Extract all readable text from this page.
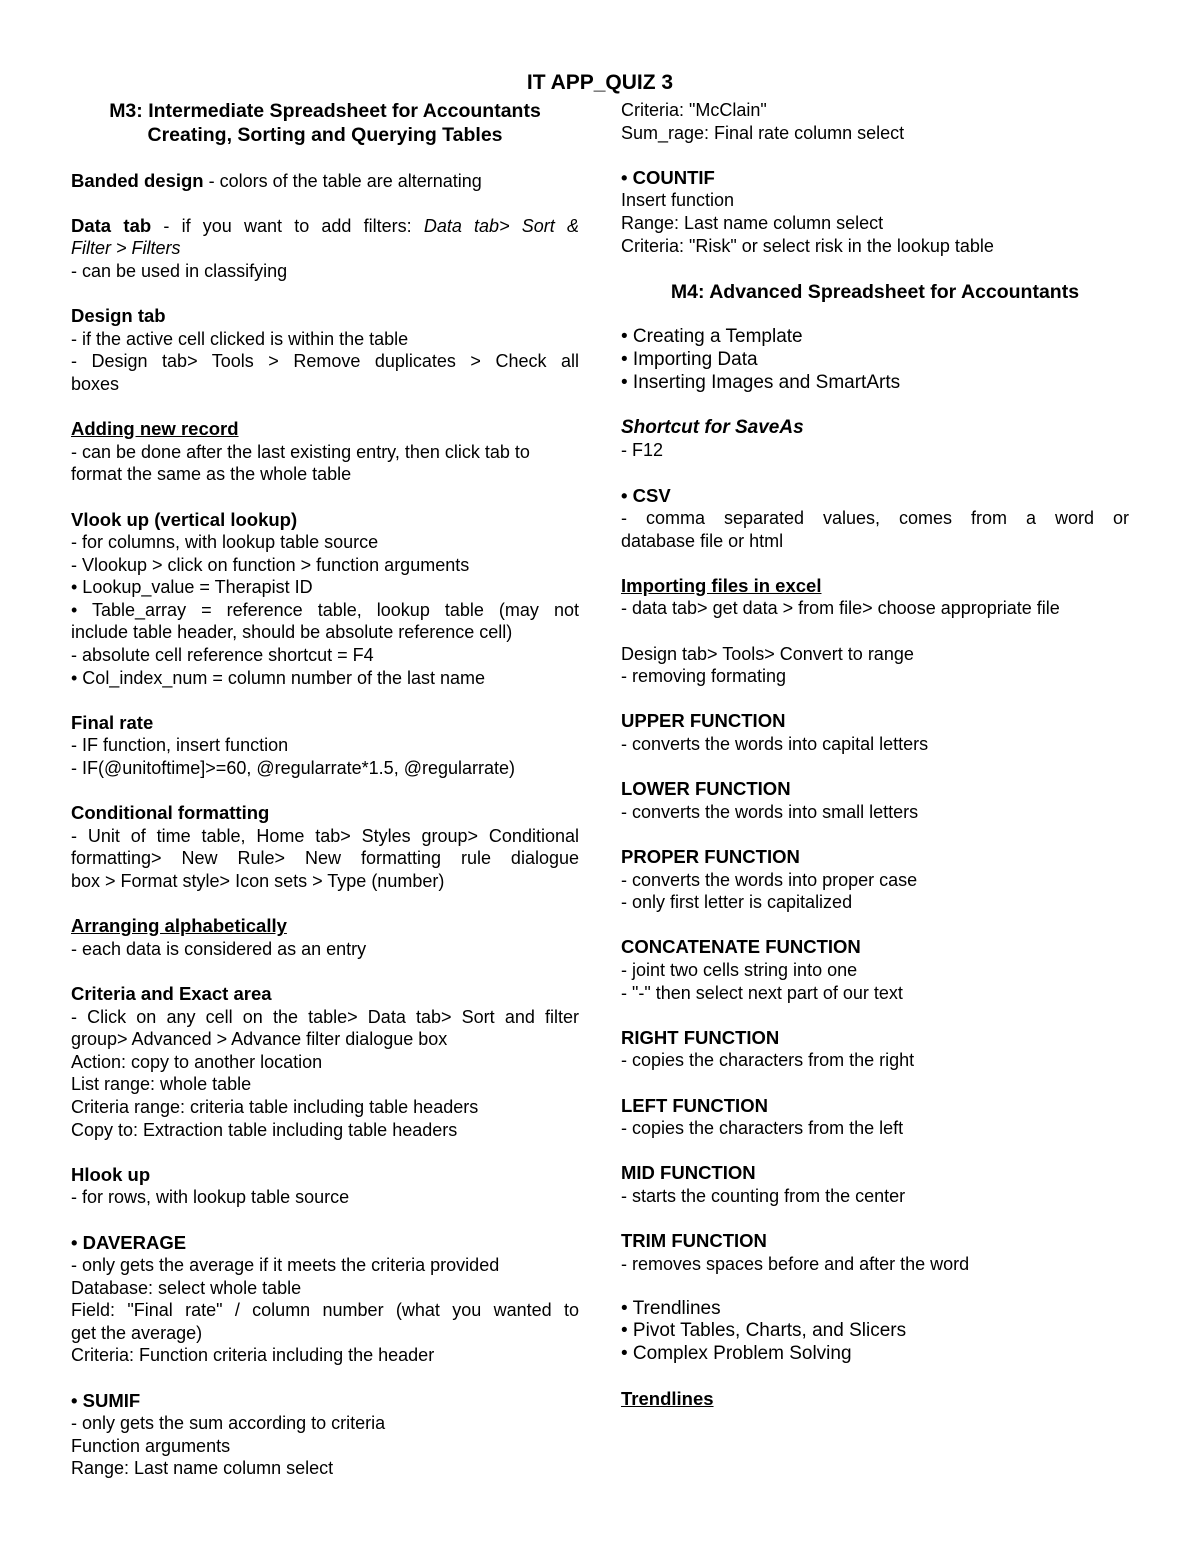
IT APP_QUIZ 3
M3: Intermediate Spreadsheet for Accountants
Creating, Sorting and Querying Tables
Banded design - colors of the table are alternating
Data tab - if you want to add filters: Data tab> Sort &
Filter > Filters
- can be used in classifying
Design tab
- if the active cell clicked is within the table
- Design tab> Tools > Remove duplicates > Check all
boxes
Adding new record
- can be done after the last existing entry, then click tab to
format the same as the whole table
Vlook up (vertical lookup)
- for columns, with lookup table source
- Vlookup > click on function > function arguments
• Lookup_value = Therapist ID
• Table_array = reference table, lookup table (may not
include table header, should be absolute reference cell)
- absolute cell reference shortcut = F4
• Col_index_num = column number of the last name
Final rate
- IF function, insert function
- IF(@unitoftime]>=60, @regularrate*1.5, @regularrate)
Conditional formatting
- Unit of time table, Home tab> Styles group> Conditional
formatting> New Rule> New formatting rule dialogue
box > Format style> Icon sets > Type (number)
Arranging alphabetically
- each data is considered as an entry
Criteria and Exact area
- Click on any cell on the table> Data tab> Sort and filter
group> Advanced > Advance filter dialogue box
Action: copy to another location
List range: whole table
Criteria range: criteria table including table headers
Copy to: Extraction table including table headers
Hlook up
- for rows, with lookup table source
• DAVERAGE
- only gets the average if it meets the criteria provided
Database: select whole table
Field: "Final rate" / column number (what you wanted to
get the average)
Criteria: Function criteria including the header
• SUMIF
- only gets the sum according to criteria
Function arguments
Range: Last name column select
Criteria: "McClain"
Sum_rage: Final rate column select
• COUNTIF
Insert function
Range: Last name column select
Criteria: "Risk" or select risk in the lookup table
M4: Advanced Spreadsheet for Accountants
• Creating a Template
• Importing Data
• Inserting Images and SmartArts
Shortcut for SaveAs
- F12
• CSV
- comma separated values, comes from a word or
database file or html
Importing files in excel
- data tab> get data > from file> choose appropriate file
Design tab> Tools> Convert to range
- removing formating
UPPER FUNCTION
- converts the words into capital letters
LOWER FUNCTION
- converts the words into small letters
PROPER FUNCTION
- converts the words into proper case
- only first letter is capitalized
CONCATENATE FUNCTION
- joint two cells string into one
- "-" then select next part of our text
RIGHT FUNCTION
- copies the characters from the right
LEFT FUNCTION
- copies the characters from the left
MID FUNCTION
- starts the counting from the center
TRIM FUNCTION
- removes spaces before and after the word
• Trendlines
• Pivot Tables, Charts, and Slicers
• Complex Problem Solving
Trendlines
